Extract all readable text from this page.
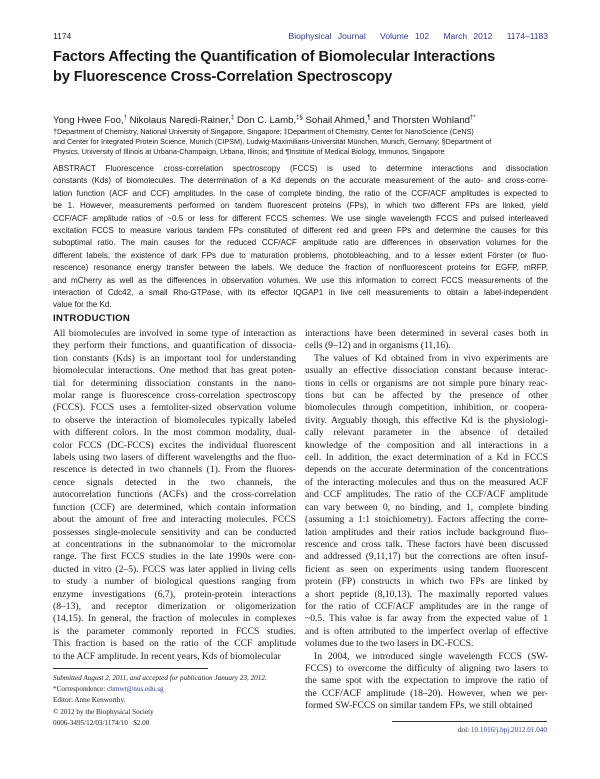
1174	Biophysical Journal Volume 102 March 2012 1174–1183
Factors Affecting the Quantification of Biomolecular Interactions
by Fluorescence Cross-Correlation Spectroscopy
Yong Hwee Foo,† Nikolaus Naredi-Rainer,‡ Don C. Lamb,‡§ Sohail Ahmed,¶ and Thorsten Wohland†*
†Department of Chemistry, National University of Singapore, Singapore; ‡Department of Chemistry, Center for NanoScience (CeNS)
and Center for Integrated Protein Science, Munich (CIPSM), Ludwig-Maximilians-Universität München, Munich, Germany; §Department of
Physics, University of Illinois at Urbana-Champaign, Urbana, Illinois; and ¶Institute of Medical Biology, Immunos, Singapore
ABSTRACT Fluorescence cross-correlation spectroscopy (FCCS) is used to determine interactions and dissociation
constants (Kds) of biomolecules. The determination of a Kd depends on the accurate measurement of the auto- and cross-corre-
lation function (ACF and CCF) amplitudes. In the case of complete binding, the ratio of the CCF/ACF amplitudes is expected to
be 1. However, measurements performed on tandem fluorescent proteins (FPs), in which two different FPs are linked, yield
CCF/ACF amplitude ratios of ~0.5 or less for different FCCS schemes. We use single wavelength FCCS and pulsed interleaved
excitation FCCS to measure various tandem FPs constituted of different red and green FPs and determine the causes for this
suboptimal ratio. The main causes for the reduced CCF/ACF amplitude ratio are differences in observation volumes for the
different labels, the existence of dark FPs due to maturation problems, photobleaching, and to a lesser extent Förster (or fluo-
rescence) resonance energy transfer between the labels. We deduce the fraction of nonfluorescent proteins for EGFP, mRFP,
and mCherry as well as the differences in observation volumes. We use this information to correct FCCS measurements of the
interaction of Cdc42, a small Rho-GTPase, with its effector IQGAP1 in live cell measurements to obtain a label-independent
value for the Kd.
INTRODUCTION
All biomolecules are involved in some type of interaction as
they perform their functions, and quantification of dissocia-
tion constants (Kds) is an important tool for understanding
biomolecular interactions. One method that has great poten-
tial for determining dissociation constants in the nano-
molar range is fluorescence cross-correlation spectroscopy
(FCCS). FCCS uses a femtoliter-sized observation volume
to observe the interaction of biomolecules typically labeled
with different colors. In the most common modality, dual-
color FCCS (DC-FCCS) excites the individual fluorescent
labels using two lasers of different wavelengths and the fluo-
rescence is detected in two channels (1). From the fluores-
cence signals detected in the two channels, the
autocorrelation functions (ACFs) and the cross-correlation
function (CCF) are determined, which contain information
about the amount of free and interacting molecules. FCCS
possesses single-molecule sensitivity and can be conducted
at concentrations in the subnanomolar to the micromolar
range. The first FCCS studies in the late 1990s were con-
ducted in vitro (2–5). FCCS was later applied in living cells
to study a number of biological questions ranging from
enzyme investigations (6,7), protein-protein interactions
(8–13), and receptor dimerization or oligomerization
(14,15). In general, the fraction of molecules in complexes
is the parameter commonly reported in FCCS studies.
This fraction is based on the ratio of the CCF amplitude
to the ACF amplitude. In recent years, Kds of biomolecular
interactions have been determined in several cases both in
cells (9–12) and in organisms (11,16).
The values of Kd obtained from in vivo experiments are
usually an effective dissociation constant because interac-
tions in cells or organisms are not simple pure binary reac-
tions but can be affected by the presence of other
biomolecules through competition, inhibition, or coopera-
tivity. Arguably though, this effective Kd is the physiologi-
cally relevant parameter in the absence of detailed
knowledge of the composition and all interactions in a
cell. In addition, the exact determination of a Kd in FCCS
depends on the accurate determination of the concentrations
of the interacting molecules and thus on the measured ACF
and CCF amplitudes. The ratio of the CCF/ACF amplitude
can vary between 0, no binding, and 1, complete binding
(assuming a 1:1 stoichiometry). Factors affecting the corre-
lation amplitudes and their ratios include background fluo-
rescence and cross talk. These factors have been discussed
and addressed (9,11,17) but the corrections are often insuf-
ficient as seen on experiments using tandem fluorescent
protein (FP) constructs in which two FPs are linked by
a short peptide (8,10,13). The maximally reported values
for the ratio of CCF/ACF amplitudes are in the range of
~0.5. This value is far away from the expected value of 1
and is often attributed to the imperfect overlap of effective
volumes due to the two lasers in DC-FCCS.
In 2004, we introduced single wavelength FCCS (SW-
FCCS) to overcome the difficulty of aligning two lasers to
the same spot with the expectation to improve the ratio of
the CCF/ACF amplitude (18–20). However, when we per-
formed SW-FCCS on similar tandem FPs, we still obtained
Submitted August 2, 2011, and accepted for publication January 23, 2012.
*Correspondence: chmwt@nus.edu.sg
Editor: Anne Kenworthy.
© 2012 by the Biophysical Society
0006-3495/12/03/1174/10   $2.00
doi: 10.1016/j.bpj.2012.01.040
